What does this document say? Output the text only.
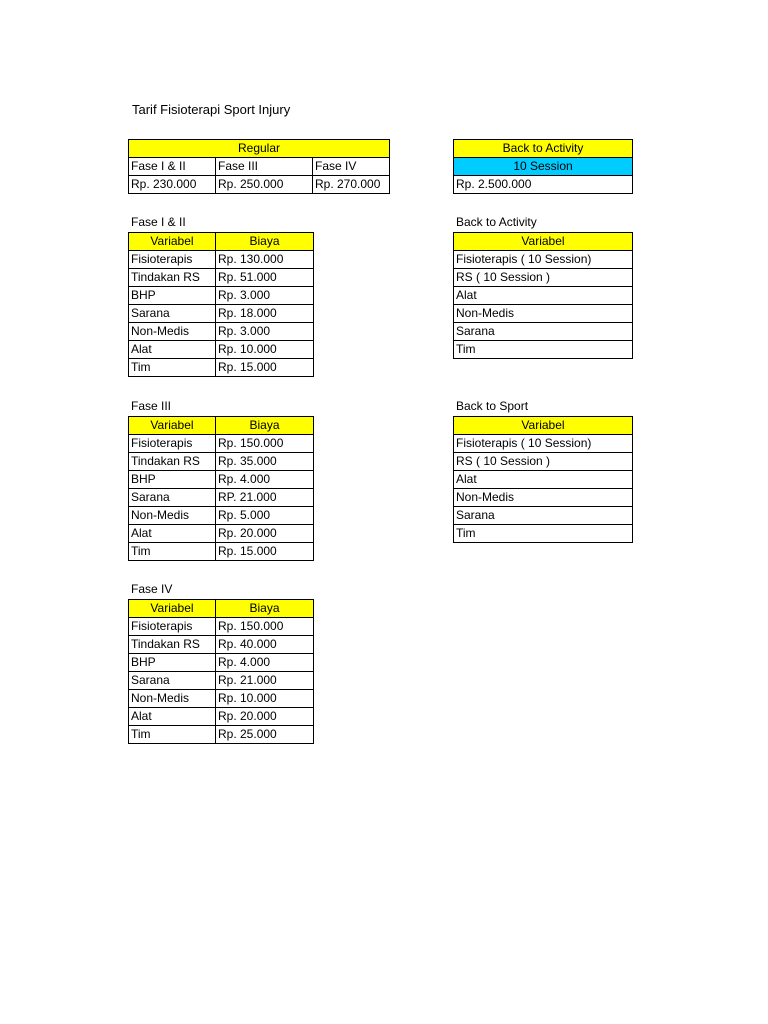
Tarif Fisioterapi Sport Injury
Regular		
Fase I & II	Fase III	Fase IV
Rp. 230.000	Rp. 250.000	Rp. 270.000
Back to Activity
10 Session
Rp. 2.500.000
Fase I & II
Variabel	Biaya
Fisioterapis	Rp. 130.000
Tindakan RS	Rp. 51.000
BHP	Rp. 3.000
Sarana	Rp. 18.000
Non-Medis	Rp. 3.000
Alat	Rp. 10.000
Tim	Rp. 15.000
Fase III
Variabel	Biaya
Fisioterapis	Rp. 150.000
Tindakan RS	Rp. 35.000
BHP	Rp. 4.000
Sarana	RP. 21.000
Non-Medis	Rp. 5.000
Alat	Rp. 20.000
Tim	Rp. 15.000
Fase IV
Variabel	Biaya
Fisioterapis	Rp. 150.000
Tindakan RS	Rp. 40.000
BHP	Rp. 4.000
Sarana	Rp. 21.000
Non-Medis	Rp. 10.000
Alat	Rp. 20.000
Tim	Rp. 25.000
Back to Activity
Variabel
Fisioterapis ( 10 Session)
RS ( 10 Session )
Alat
Non-Medis
Sarana
Tim
Back to Sport
Variabel
Fisioterapis ( 10 Session)
RS ( 10 Session )
Alat
Non-Medis
Sarana
Tim
